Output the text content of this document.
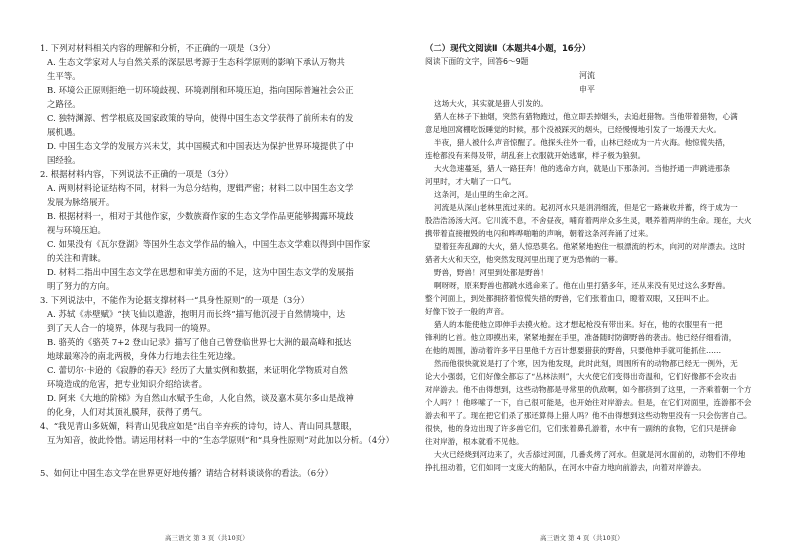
1. 下列对材料相关内容的理解和分析，不正确的一项是（3分）
A. 生态文学家对人与自然关系的深层思考源于生态科学原则的影响下承认万物共
生平等。
B. 环境公正原则拒绝一切环境歧视、环境剥削和环境压迫，指向国际普遍社会公正
之路径。
C. 独特渊源、哲学根底及国家政策的导向，使得中国生态文学获得了前所未有的发
展机遇。
D. 中国生态文学的发展方兴未艾，其中国模式和中国表达为保护世界环境提供了中
国经验。
2. 根据材料内容，下列说法不正确的一项是（3分）
A. 两则材料论证结构不同，材料一为总分结构，逻辑严密；材料二以中国生态文学
发展为脉络展开。
B. 根据材料一，相对于其他作家，少数族裔作家的生态文学作品更能够揭露环境歧
视与环境压迫。
C. 如果没有《瓦尔登湖》等国外生态文学作品的输入，中国生态文学难以得到中国作家
的关注和青睐。
D. 材料二指出中国生态文学在思想和审美方面的不足，这为中国生态文学的发展指
明了努力的方向。
3. 下列说法中，不能作为论据支撑材料一“具身性原则”的一项是（3分）
A. 苏轼《赤壁赋》“挟飞仙以遨游，抱明月而长终”描写他沉浸于自然情境中，达
到了天人合一的境界，体现与我同一的境界。
B. 骆英的《骆英 7+2 登山记录》描写了他自己曾登临世界七大洲的最高峰和抵达
地球最寒冷的南北两极，身体力行地去往生死边缘。
C. 蕾切尔·卡逊的《寂静的春天》经历了大量实例和数据，来证明化学物质对自然
环境造成的危害，把专业知识介绍给读者。
D. 阿来《大地的阶梯》为自然山水赋予生命，人化自然，谈及嘉木莫尔多山是战神
的化身，人们对其顶礼膜拜，获得了勇气。
4、“我见青山多妩媚，料青山见我应如是”出自辛弃疾的诗句，诗人、青山同具慧眼，
互为知音，彼此怜惜。请运用材料一中的“生态学原则”和“具身性原则”对此加以分析。（4分）
5、如何让中国生态文学在世界更好地传播？请结合材料谈谈你的看法。（6分）
高三语文 第 3 页（共10页）
（二）现代文阅读Ⅱ（本题共4小题，16分）
阅读下面的文字，回答6～9题
河流
申平
这场大火，其实就是猎人引发的。
猎人在林子下抽烟，突然有猎物跑过，他立即丢掉烟头，去追赶猎物。当他带着猎物，心满
意足地回窝棚吃饭睡觉的时候，那个没被踩灭的烟头，已经慢慢地引发了一场漫天大火。
半夜，猎人被什么声音惊醒了。他探头往外一看，山林已经成为一片火海。他惊慌失措，
连枪都没有来得及带，胡乱套上衣服就开始逃窜，样子极为狼狈。
大火急速蔓延，猎人一路狂奔！他的逃命方向，就是山下那条河。当他抒通一声跳进那条
河里时，才大喘了一口气。
这条河，是山里的生命之河。
河流是从深山老林里流过来的。起初河水只是涓涓细流，但是它一路兼收并蓄，终于成为一
股浩浩汤汤大河。它川流不息，不舍昼夜，哺育着两岸众多生灵，喂养着两岸的生命。现在，大火
携带着直接摧毁的电闪和哗哗啪啪的声响，朝着这条河奔涌了过来。
望着狂奔乱蹿的大火，猎人惊恐莫名。他紧紧地抱住一根漂流的朽木，向河的对岸漂去。这时
猎者大火和天空，他突然发现河里出现了更为恐怖的一幕。
野兽，野兽！河里到处都是野兽！
啊呀呀，原来野兽也都跳水逃命来了。他在山里打猎多年，还从来没有见过这么多野兽。
整个河面上，到处都拥挤着惊慌失措的野兽，它们张着血口，瞪着双眼，又狂叫不止。
好像下饺子一般的声音。
猎人的本能使他立即伸手去摸火枪。这才想起枪没有带出来。好在，他的衣服里有一把
锋利的匕首。他立即摸出来，紧紧地握在手里，准备随时防御野兽的袭击。他已经仔细看清，
在他的周围，游动着许多平日里他千方百计想要猎获的野兽，只要他伸手就可能抓住……
然而他很快就说是打了个寒，因为他发现，此时此刻，周围所有的动物都已经无一例外，无
论大小强弱，它们好像全都忘了“丛林法则”，大火使它们变得出奇温和，它们好像都不会攻击
对岸游去。他不由得想到，这些动物都是寻常里的仇敌啊，如今都挤到了这里，一齐乘着朝一个方
个人吗？！他哆嗦了一下，自己很可能是，也开始往对岸游去。但是，在它们对面里，连游都不会
游去和平了。现在把它们杀了那还算得上猎人吗？他不由得想到这些动物里没有一只会伤害自己。
很快，他的身边出现了许多兽它们，它们张着鼻孔游着，水中有一副纳的食物，它们只是拼命
往对岸游，根本就看不见他。
大火已经烧到河边来了，火舌舔过河面，几番炙烤了河水。但就是河水面前的，动物们不停地
挣扎扭动着，它们如同一支庞大的船队，在河水中奋力地向前游去，向着对岸游去。
高三语文 第 4 页（共10页）
